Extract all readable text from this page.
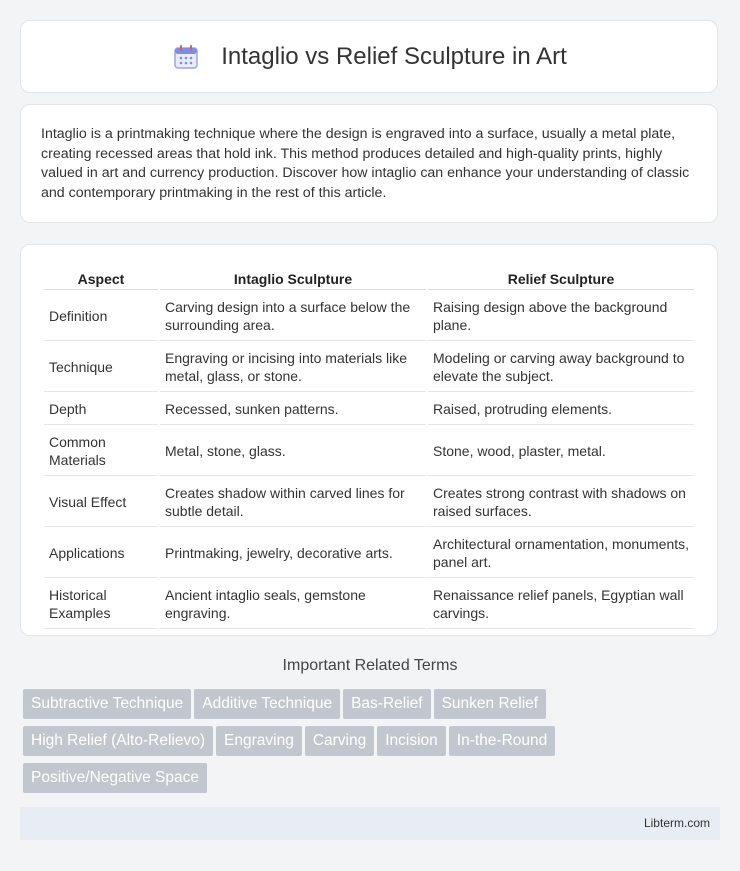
Intaglio vs Relief Sculpture in Art

Intaglio is a printmaking technique where the design is engraved into a surface, usually a metal plate, creating recessed areas that hold ink. This method produces detailed and high-quality prints, highly valued in art and currency production. Discover how intaglio can enhance your understanding of classic and contemporary printmaking in the rest of this article.

Aspect	Intaglio Sculpture	Relief Sculpture
Definition	Carving design into a surface below the surrounding area.	Raising design above the background plane.
Technique	Engraving or incising into materials like metal, glass, or stone.	Modeling or carving away background to elevate the subject.
Depth	Recessed, sunken patterns.	Raised, protruding elements.
Common Materials	Metal, stone, glass.	Stone, wood, plaster, metal.
Visual Effect	Creates shadow within carved lines for subtle detail.	Creates strong contrast with shadows on raised surfaces.
Applications	Printmaking, jewelry, decorative arts.	Architectural ornamentation, monuments, panel art.
Historical Examples	Ancient intaglio seals, gemstone engraving.	Renaissance relief panels, Egyptian wall carvings.
Important Related Terms
Subtractive Technique Additive Technique Bas-Relief Sunken Relief
High Relief (Alto-Relievo) Engraving Carving Incision In-the-Round
Positive/Negative Space
Libterm.com
